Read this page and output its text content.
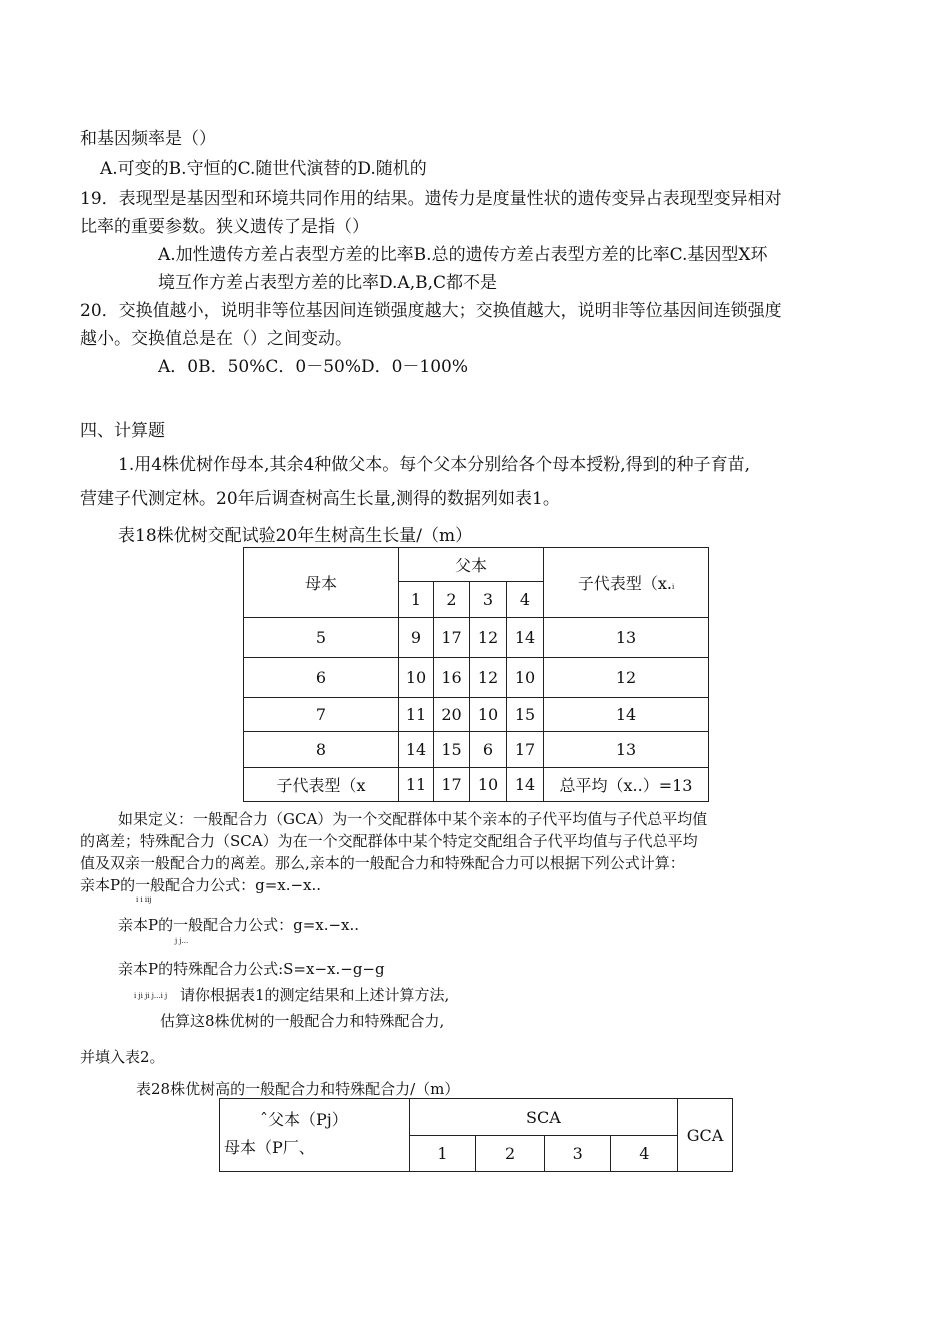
和基因频率是（）
A.可变的B.守恒的C.随世代演替的D.随机的
19．表现型是基因型和环境共同作用的结果。遗传力是度量性状的遗传变异占表现型变异相对
比率的重要参数。狭义遗传了是指（）
A.加性遗传方差占表型方差的比率B.总的遗传方差占表型方差的比率C.基因型X环
境互作方差占表型方差的比率D.A,B,C都不是
20．交换值越小，说明非等位基因间连锁强度越大；交换值越大，说明非等位基因间连锁强度
越小。交换值总是在（）之间变动。
A．0B．50%C．0－50%D．0－100%
四、计算题
1.用4株优树作母本,其余4种做父本。每个父本分别给各个母本授粉,得到的种子育苗,
营建子代测定林。20年后调查树高生长量,测得的数据列如表1。
表18株优树交配试验20年生树高生长量/（m）
母本	父本				子代表型（x.i
	1	2	3	4	
5	9	17	12	14	13
6	10	16	12	10	12
7	11	20	10	15	14
8	14	15	6	17	13
子代表型（x	11	17	10	14	总平均（x..）=13
如果定义：一般配合力（GCA）为一个交配群体中某个亲本的子代平均值与子代总平均值
的离差；特殊配合力（SCA）为在一个交配群体中某个特定交配组合子代平均值与子代总平均
值及双亲一般配合力的离差。那么,亲本的一般配合力和特殊配合力可以根据下列公式计算：
亲本P的一般配合力公式：g=x.−x..
i i iij
亲本P的一般配合力公式：g=x.−x..
j j...
亲本P的特殊配合力公式:S=x−x.−g−g
i ji ji j...i j 请你根据表1的测定结果和上述计算方法,
估算这8株优树的一般配合力和特殊配合力,
并填入表2。
表28株优树高的一般配合力和特殊配合力/（m）
ˆ父本（Pj）
母本（P厂、	SCA				GCA
	1	2	3	4	
